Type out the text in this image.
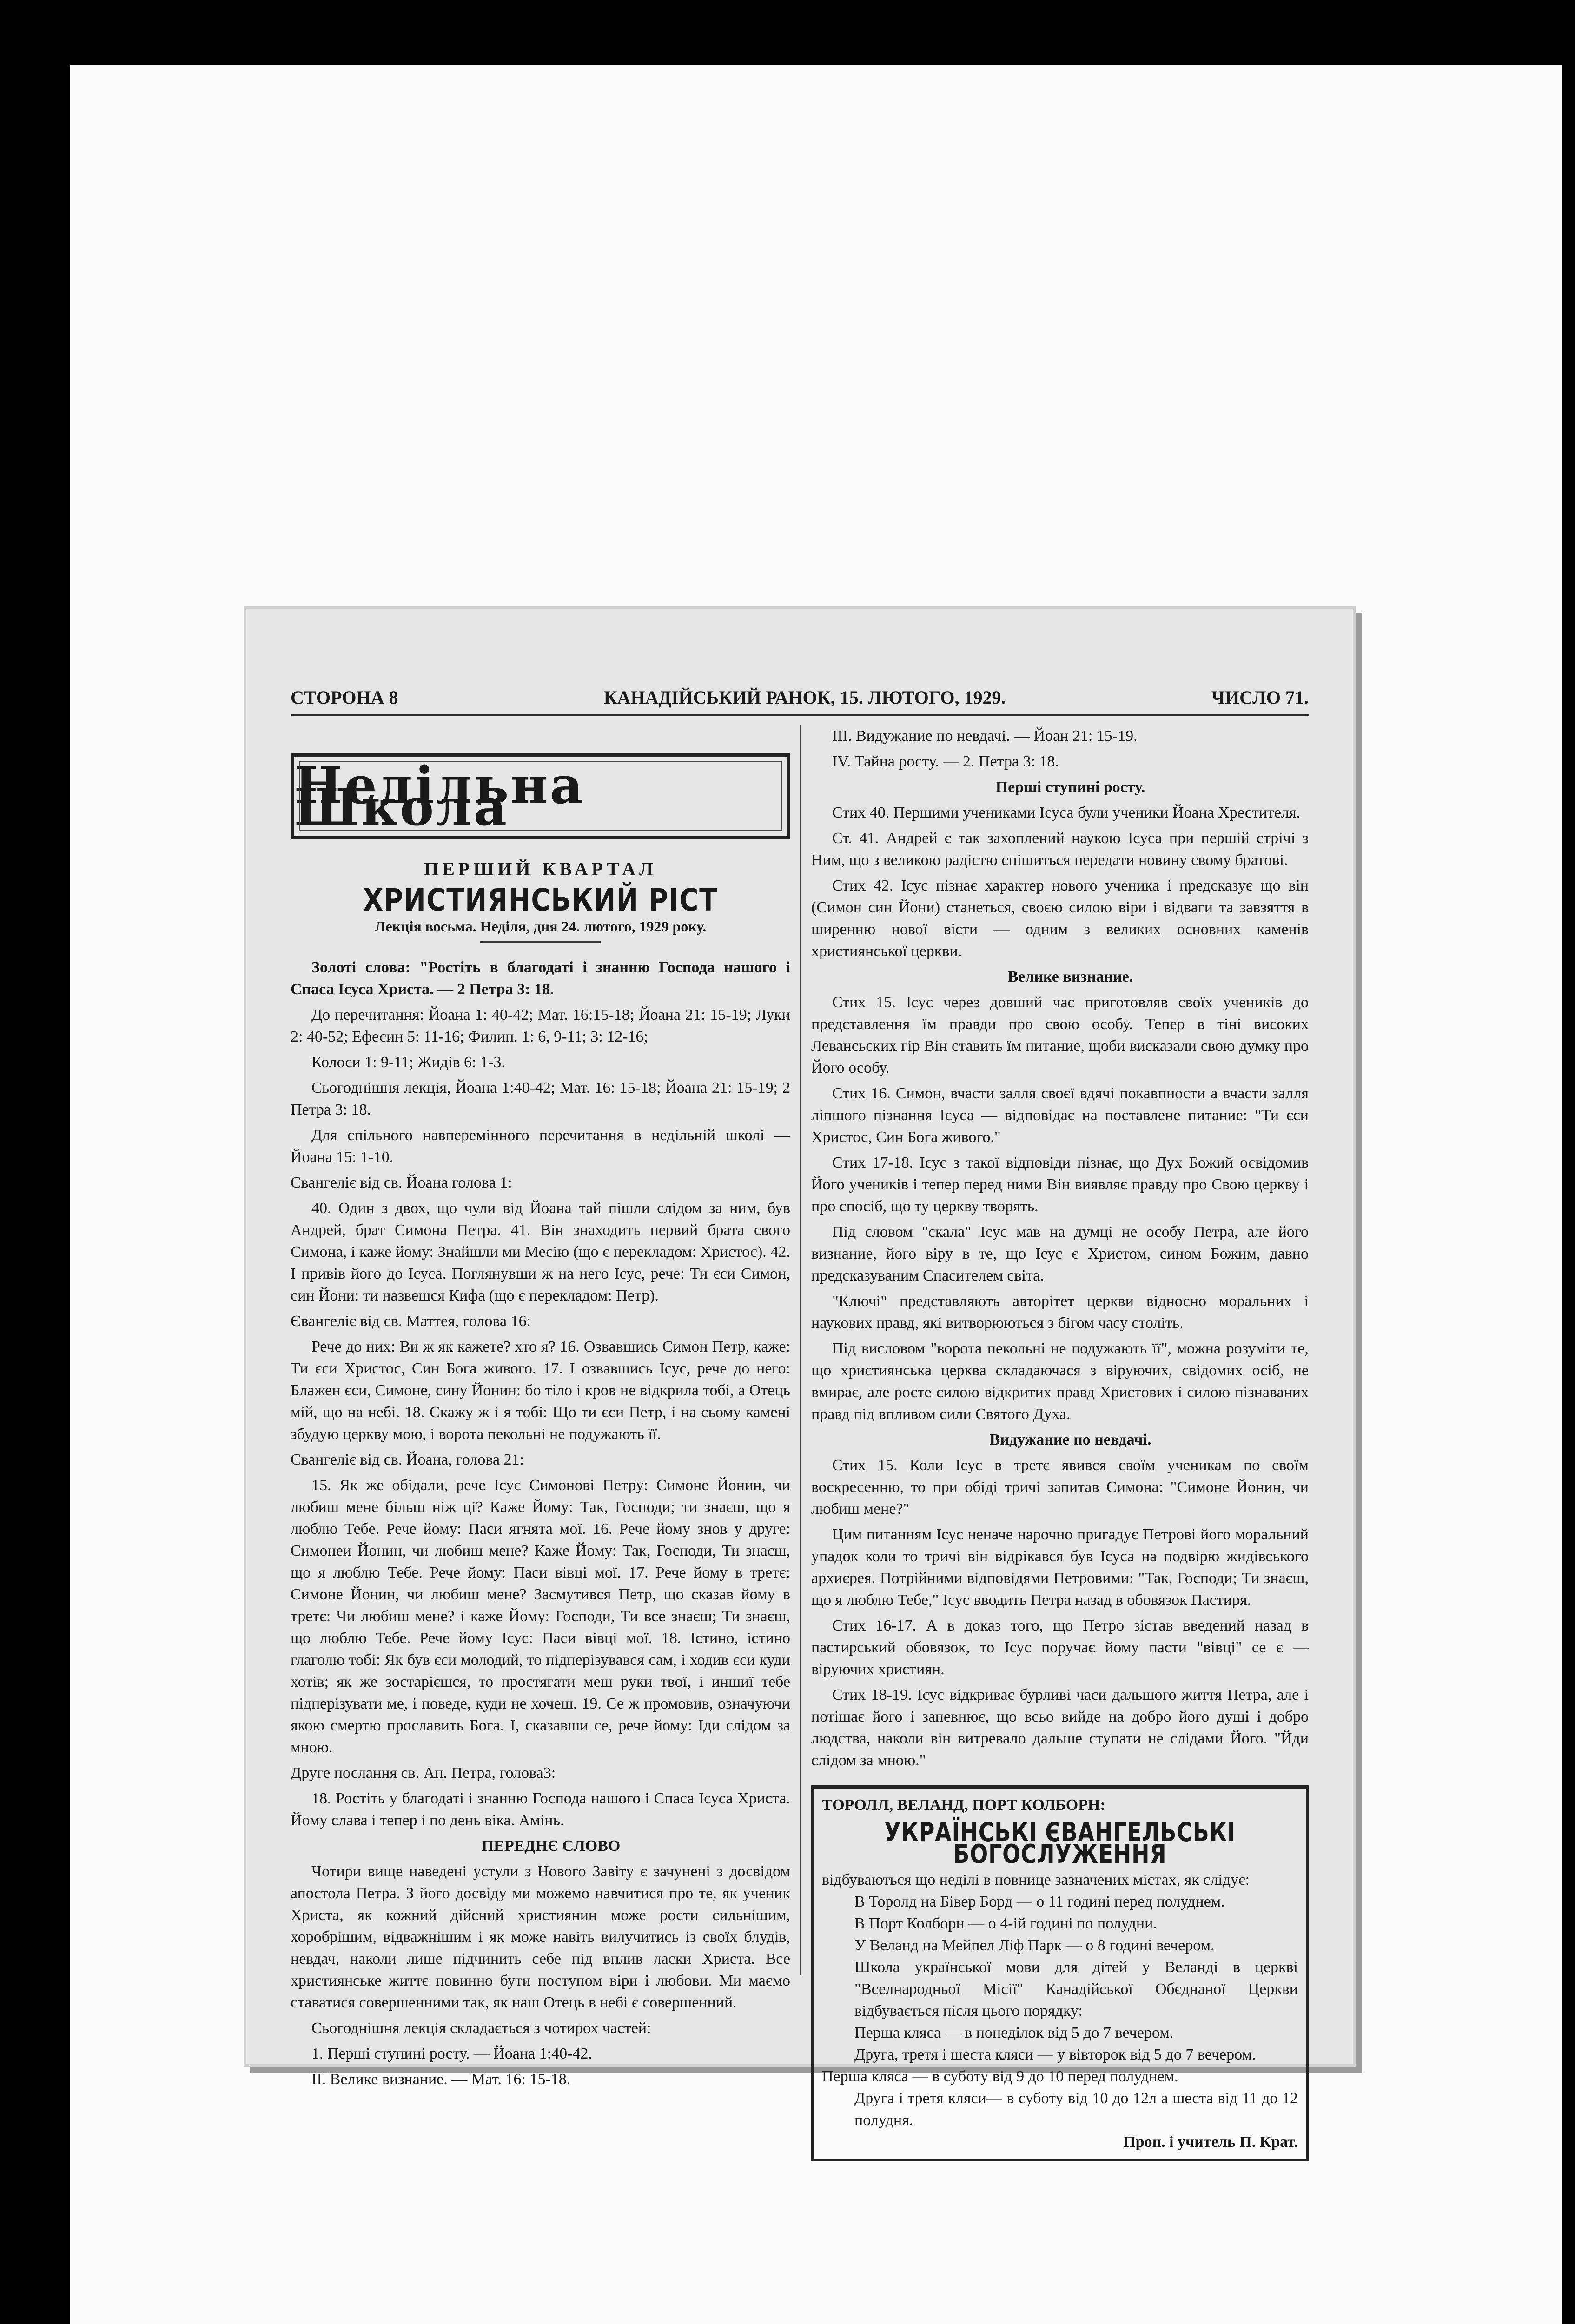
СТОРОНА 8	КАНАДІЙСЬКИЙ РАНОК, 15. ЛЮТОГО, 1929.	ЧИСЛО 71.
Недільна Школа
ПЕРШИЙ КВАРТАЛ
ХРИСТИЯНСЬКИЙ РІСТ
Лекція восьма. Неділя, дня 24. лютого, 1929 року.

Золоті слова: "Ростіть в благодаті і знанню Господа нашого і Спаса Ісуса Христа. — 2 Петра 3: 18.

До перечитання: Йоана 1: 40-42; Мат. 16:15-18; Йоана 21: 15-19; Луки 2: 40-52; Ефесин 5: 11-16; Филип. 1: 6, 9-11; 3: 12-16;

Колоси 1: 9-11; Жидів 6: 1-3.

Сьогоднішня лекція, Йоана 1:40-42; Мат. 16: 15-18; Йоана 21: 15-19; 2 Петра 3: 18.

Для спільного навперемінного перечитання в недільній школі — Йоана 15: 1-10.

Євангеліє від св. Йоана голова 1:

40. Один з двох, що чули від Йоана тай пішли слідом за ним, був Андрей, брат Симона Петра. 41. Він знаходить первий брата свого Симона, і каже йому: Знайшли ми Месію (що є перекладом: Христос). 42. І привів його до Ісуса. Поглянувши ж на него Ісус, рече: Ти єси Симон, син Йони: ти назвешся Кифа (що є перекладом: Петр).

Євангеліє від св. Маттея, голова 16:

Рече до них: Ви ж як кажете? хто я? 16. Озвавшись Симон Петр, каже: Ти єси Христос, Син Бога живого. 17. І озвавшись Ісус, рече до него: Блажен єси, Симоне, сину Йонин: бо тіло і кров не відкрила тобі, а Отець мій, що на небі. 18. Скажу ж і я тобі: Що ти єси Петр, і на сьому камені збудую церкву мою, і ворота пекольні не подужають її.

Євангеліє від св. Йоана, голова 21:

15. Як же обідали, рече Ісус Симонові Петру: Симоне Йонин, чи любиш мене більш ніж ці? Каже Йому: Так, Господи; ти знаєш, що я люблю Тебе. Рече йому: Паси ягнята мої. 16. Рече йому знов у друге: Симонеи Йонин, чи любиш мене? Каже Йому: Так, Господи, Ти знаєш, що я люблю Тебе. Рече йому: Паси вівці мої. 17. Рече йому в третє: Симоне Йонин, чи любиш мене? Засмутився Петр, що сказав йому в третє: Чи любиш мене? і каже Йому: Господи, Ти все знаєш; Ти знаєш, що люблю Тебе. Рече йому Ісус: Паси вівці мої. 18. Істино, істино глаголю тобі: Як був єси молодий, то підперізувався сам, і ходив єси куди хотів; як же зостарієшся, то простягати меш руки твої, і иншиї тебе підперізувати ме, і поведе, куди не хочеш. 19. Се ж промовив, означуючи якою смертю прославить Бога. І, сказавши се, рече йому: Іди слідом за мною.

Друге послання св. Ап. Петра, голова3:

18. Ростіть у благодаті і знанню Господа нашого і Спаса Ісуса Христа. Йому слава і тепер і по день віка. Амінь.

ПЕРЕДНЄ СЛОВО

Чотири вище наведені устули з Нового Завіту є зачунені з досвідом апостола Петра. З його досвіду ми можемо навчитися про те, як ученик Христа, як кожний дійсний християнин може рости сильнішим, хоробрішим, відважнішим і як може навіть вилучитись із своїх блудів, невдач, наколи лише підчинить себе під вплив ласки Христа. Все християнське життє повинно бути поступом віри і любови. Ми маємо ставатися совершенними так, як наш Отець в небі є совершенний.

Сьогоднішня лекція складається з чотирох частей:

1. Перші ступині росту. — Йоана 1:40-42.

ІІ. Велике визнание. — Мат. 16: 15-18.

ІІІ. Видужание по невдачі. — Йоан 21: 15-19.

IV. Тайна росту. — 2. Петра 3: 18.

Перші ступині росту.

Стих 40. Першими учениками Ісуса були ученики Йоана Хрестителя.

Ст. 41. Андрей є так захоплений наукою Ісуса при першій стрічі з Ним, що з великою радістю спішиться передати новину свому братові.

Стих 42. Ісус пізнає характер нового ученика і предсказує що він (Симон син Йони) станеться, своєю силою віри і відваги та завзяття в ширенню нової вісти — одним з великих основних каменів християнської церкви.

Велике визнание.

Стих 15. Ісус через довший час приготовляв своїх учеників до представлення їм правди про свою особу. Тепер в тіні високих Левансьских гір Він ставить їм питание, щоби висказали свою думку про Його особу.

Стих 16. Симон, вчасти залля своєї вдячі покавпности а вчасти залля ліпшого пізнання Ісуса — відповідає на поставлене питание: "Ти єси Христос, Син Бога живого."

Стих 17-18. Ісус з такої відповіди пізнає, що Дух Божий освідомив Його учеників і тепер перед ними Він виявляє правду про Свою церкву і про спосіб, що ту церкву творять.

Під словом "скала" Ісус мав на думці не особу Петра, але його визнание, його віру в те, що Ісус є Христом, сином Божим, давно предсказуваним Спасителем світа.

"Ключі" представляють авторітет церкви відносно моральних і наукових правд, які витворюються з бігом часу століть.

Під висловом "ворота пекольні не подужають її", можна розуміти те, що християнська церква складаючася з віруючих, свідомих осіб, не вмирає, але росте силою відкритих правд Христових і силою пізнаваних правд під впливом сили Святого Духа.

Видужание по невдачі.

Стих 15. Коли Ісус в третє явився своїм ученикам по своїм воскресенню, то при обіді тричі запитав Симона: "Симоне Йонин, чи любиш мене?"

Цим питанням Ісус неначе нарочно пригадує Петрові його моральний упадок коли то тричі він відрікався був Ісуса на подвірю жидівського архиєрея. Потрійними відповідями Петровими: "Так, Господи; Ти знаєш, що я люблю Тебе," Ісус вводить Петра назад в обовязок Пастиря.

Стих 16-17. А в доказ того, що Петро зістав введений назад в пастирський обовязок, то Ісус поручає йому пасти "вівці" се є — віруючих християн.

Стих 18-19. Ісус відкриває бурливі часи дальшого життя Петра, але і потішає його і запевнює, що всьо вийде на добро його душі і добро людства, наколи він витревало дальше ступати не слідами Його. "Йди слідом за мною."

ТОРОЛЛ, ВЕЛАНД, ПОРТ КОЛБОРН:

УКРАЇНСЬКІ ЄВАНГЕЛЬСЬКІ БОГОСЛУЖЕННЯ

відбуваються що неділі в повнице зазначених містах, як слідує:

В Торолд на Бівер Борд — о 11 годині перед полуднем.

В Порт Колборн — о 4-ій годині по полудни.

У Веланд на Мейпел Ліф Парк — о 8 годині вечером.

Школа української мови для дітей у Веланді в церкві "Вселнародньої Місії" Канадійської Обєднаної Церкви відбувається після цього порядку:

Перша кляса — в понеділок від 5 до 7 вечером.

Друга, третя і шеста кляси — у вівторок від 5 до 7 вечером.

Перша кляса — в суботу від 9 до 10 перед полуднем.

Друга і третя кляси— в суботу від 10 до 12л а шеста від 11 до 12 полудня.

Проп. і учитель П. Крат.
